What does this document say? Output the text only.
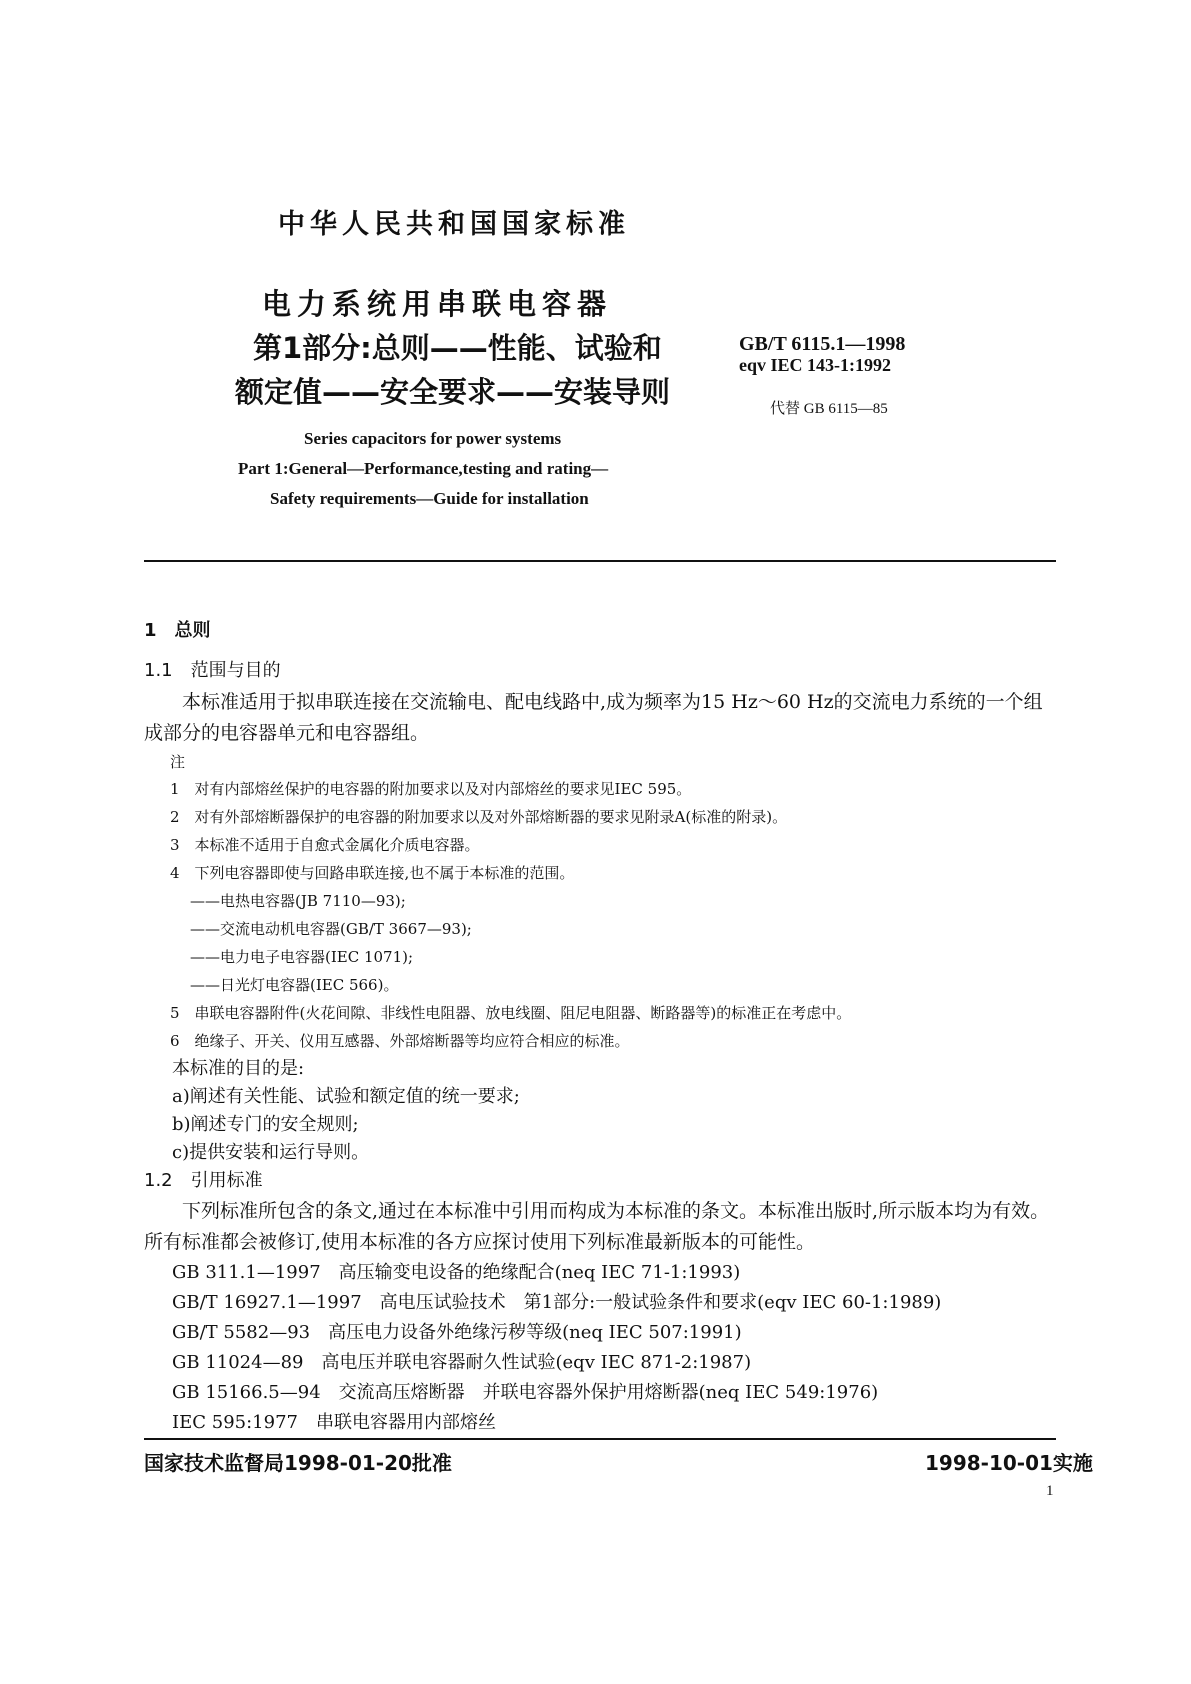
中华人民共和国国家标准
电力系统用串联电容器
第1部分:总则——性能、试验和
额定值——安全要求——安装导则
GB/T 6115.1—1998
eqv IEC 143-1:1992
代替 GB 6115—85
Series capacitors for power systems
Part 1:General—Performance,testing and rating—
Safety requirements—Guide for installation
1　总则
1.1　范围与目的
本标准适用于拟串联连接在交流输电、配电线路中,成为频率为15 Hz～60 Hz的交流电力系统的一个组成部分的电容器单元和电容器组。
注
1　对有内部熔丝保护的电容器的附加要求以及对内部熔丝的要求见IEC 595。
2　对有外部熔断器保护的电容器的附加要求以及对外部熔断器的要求见附录A(标准的附录)。
3　本标准不适用于自愈式金属化介质电容器。
4　下列电容器即使与回路串联连接,也不属于本标准的范围。
——电热电容器(JB 7110—93);
——交流电动机电容器(GB/T 3667—93);
——电力电子电容器(IEC 1071);
——日光灯电容器(IEC 566)。
5　串联电容器附件(火花间隙、非线性电阻器、放电线圈、阻尼电阻器、断路器等)的标准正在考虑中。
6　绝缘子、开关、仪用互感器、外部熔断器等均应符合相应的标准。
本标准的目的是:
a)阐述有关性能、试验和额定值的统一要求;
b)阐述专门的安全规则;
c)提供安装和运行导则。
1.2　引用标准
下列标准所包含的条文,通过在本标准中引用而构成为本标准的条文。本标准出版时,所示版本均为有效。所有标准都会被修订,使用本标准的各方应探讨使用下列标准最新版本的可能性。
GB 311.1—1997　高压输变电设备的绝缘配合(neq IEC 71-1:1993)
GB/T 16927.1—1997　高电压试验技术　第1部分:一般试验条件和要求(eqv IEC 60-1:1989)
GB/T 5582—93　高压电力设备外绝缘污秽等级(neq IEC 507:1991)
GB 11024—89　高电压并联电容器耐久性试验(eqv IEC 871-2:1987)
GB 15166.5—94　交流高压熔断器　并联电容器外保护用熔断器(neq IEC 549:1976)
IEC 595:1977　串联电容器用内部熔丝
国家技术监督局1998-01-20批准	1998-10-01实施
1
